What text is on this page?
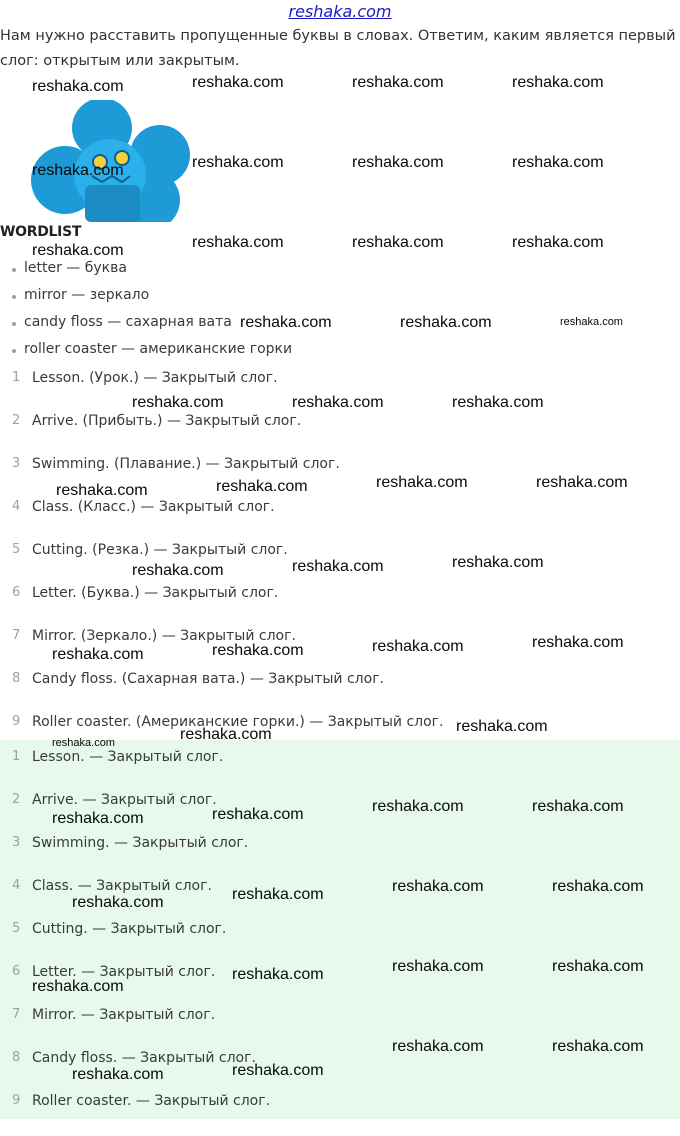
reshaka.com
Нам нужно расставить пропущенные буквы в словах. Ответим, каким является первый слог: открытым или закрытым.
WORDLIST
letter — буква
mirror — зеркало
candy floss — сахарная вата
roller coaster — американские горки
1 Lesson. (Урок.) — Закрытый слог.
2 Arrive. (Прибыть.) — Закрытый слог.
3 Swimming. (Плавание.) — Закрытый слог.
4 Class. (Класс.) — Закрытый слог.
5 Cutting. (Резка.) — Закрытый слог.
6 Letter. (Буква.) — Закрытый слог.
7 Mirror. (Зеркало.) — Закрытый слог.
8 Candy floss. (Сахарная вата.) — Закрытый слог.
9 Roller coaster. (Американские горки.) — Закрытый слог.
1 Lesson. — Закрытый слог.
2 Arrive. — Закрытый слог.
3 Swimming. — Закрытый слог.
4 Class. — Закрытый слог.
5 Cutting. — Закрытый слог.
6 Letter. — Закрытый слог.
7 Mirror. — Закрытый слог.
8 Candy floss. — Закрытый слог.
9 Roller coaster. — Закрытый слог.
reshaka.com	reshaka.com	reshaka.com	reshaka.com
reshaka.com	reshaka.com	reshaka.com	reshaka.com
reshaka.com	reshaka.com	reshaka.com	reshaka.com
reshaka.com	reshaka.com	reshaka.com
reshaka.com	reshaka.com	reshaka.com
reshaka.com	reshaka.com	reshaka.com	reshaka.com
reshaka.com	reshaka.com	reshaka.com
reshaka.com	reshaka.com	reshaka.com	reshaka.com
reshaka.com	reshaka.com
reshaka.com
reshaka.com	reshaka.com
reshaka.com	reshaka.com
reshaka.com	reshaka.com
reshaka.com	reshaka.com
reshaka.com	reshaka.com
reshaka.com
reshaka.com
reshaka.com	reshaka.com
reshaka.com	reshaka.com
